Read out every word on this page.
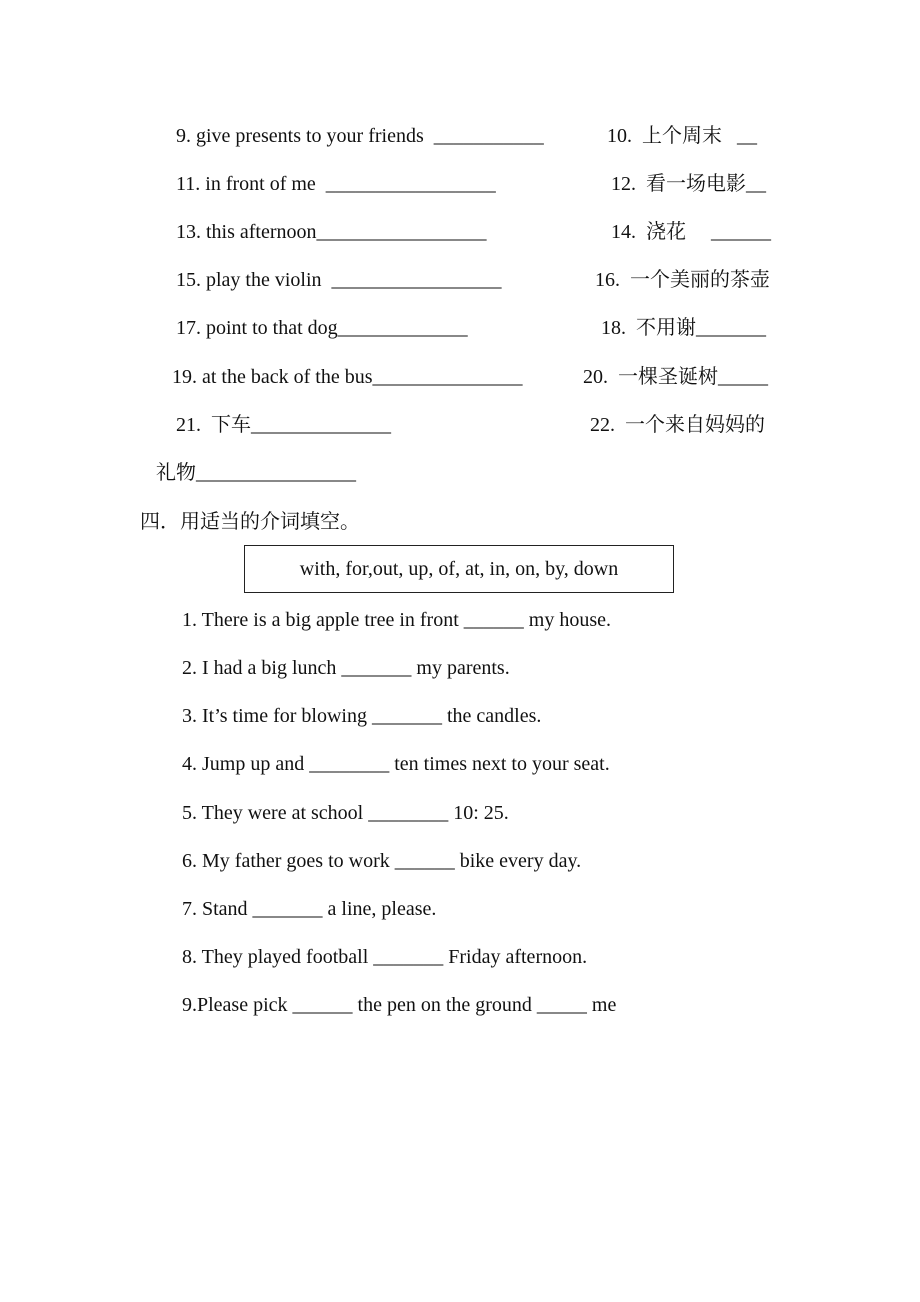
9. give presents to your friends  ___________	10.  上个周末   __
11. in front of me  _________________	12.  看一场电影__
13. this afternoon_________________	14.  浇花     ______
15. play the violin  _________________	16.  一个美丽的茶壶
17. point to that dog_____________	18.  不用谢_______
19. at the back of the bus_______________	20.  一棵圣诞树_____
21.  下车______________	22.  一个来自妈妈的
礼物________________
四．用适当的介词填空。
with, for,out, up, of, at, in, on, by, down
1. There is a big apple tree in front ______ my house.
2. I had a big lunch _______ my parents.
3. It’s time for blowing _______ the candles.
4. Jump up and ________ ten times next to your seat.
5. They were at school ________ 10: 25.
6. My father goes to work ______ bike every day.
7. Stand _______ a line, please.
8. They played football _______ Friday afternoon.
9.Please pick ______ the pen on the ground _____ me
